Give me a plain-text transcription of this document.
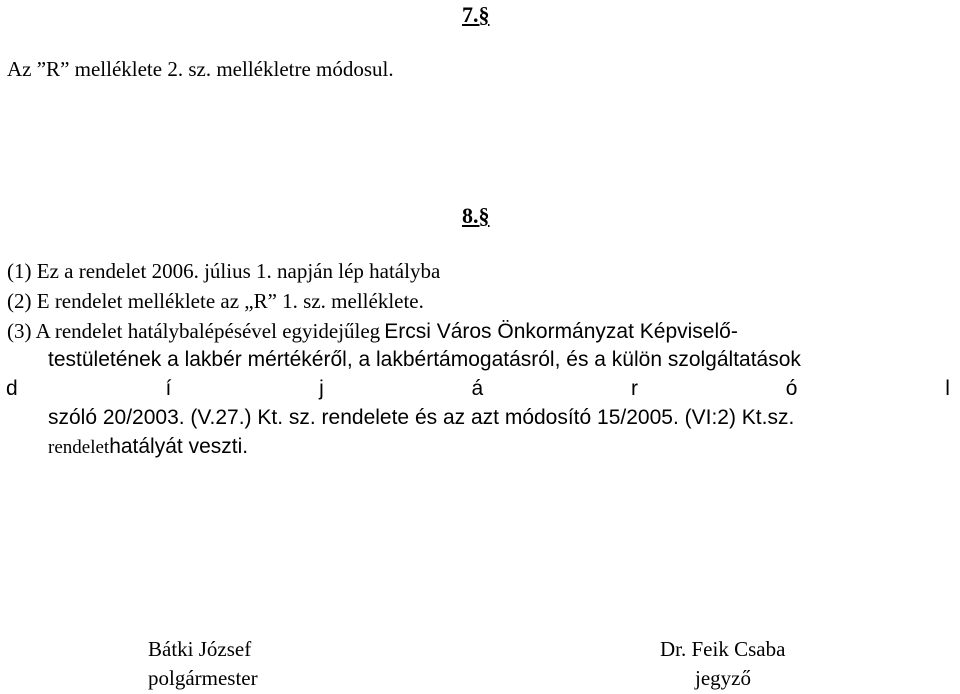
7.§
Az ”R” melléklete 2. sz. mellékletre módosul.
8.§
(1) Ez a rendelet 2006. július 1. napján lép hatályba
(2) E rendelet melléklete az „R” 1. sz. melléklete.
(3) A rendelet hatálybalépésével egyidejűleg Ercsi Város Önkormányzat Képviselő-
testületének a lakbér mértékéről, a lakbértámogatásról, és a külön szolgáltatások
d	í	j	á	r	ó	l
szóló 20/2003. (V.27.) Kt. sz. rendelete és az azt módosító 15/2005. (VI:2) Kt.sz.
rendelethatályát veszti.
Bátki József
polgármester
Dr. Feik Csaba
jegyző
